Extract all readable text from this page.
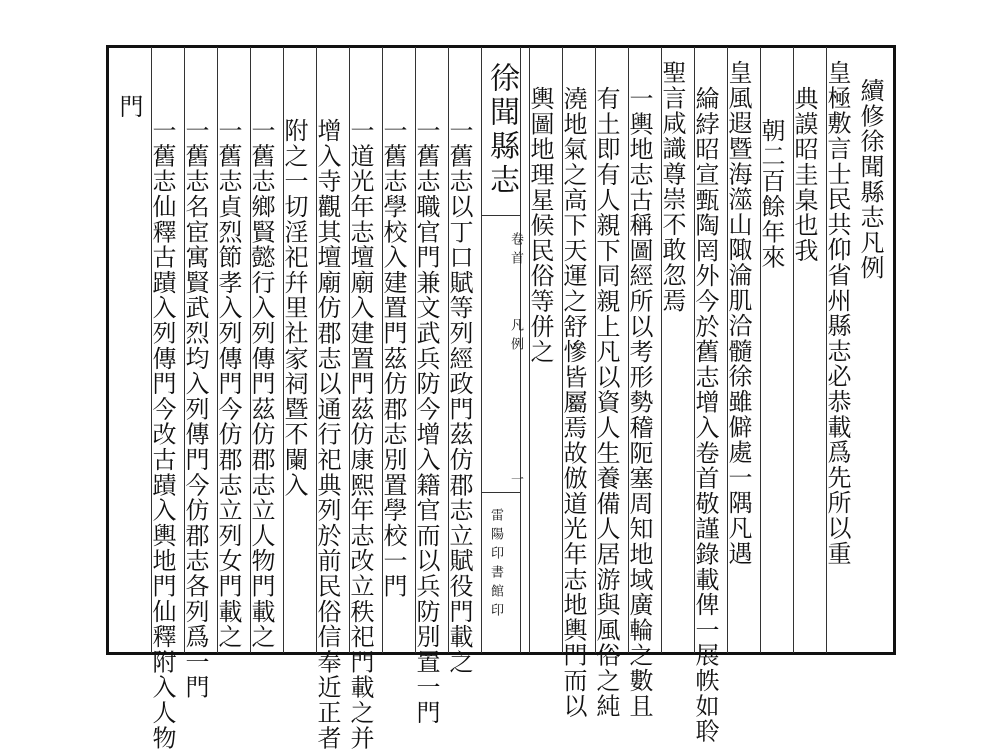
徐聞縣志
卷首
凡例
一
雷陽印書館印
續修徐聞縣志凡例
皇極敷言士民共仰省州縣志必恭載爲先所以重
典謨昭圭臬也我
朝二百餘年來
皇風遐暨海澨山陬淪肌洽髓徐雖僻處一隅凡遇
綸綍昭宣甄陶罔外今於舊志增入卷首敬謹錄載俾一展帙如聆
聖言咸識尊崇不敢忽焉
一輿地志古稱圖經所以考形勢稽阨塞周知地域廣輪之數且
有土即有人親下同親上凡以資人生養備人居游與風俗之純
澆地氣之高下天運之舒慘皆屬焉故倣道光年志地輿門而以
輿圖地理星候民俗等併之
一舊志以丁口賦等列經政門茲仿郡志立賦役門載之
一舊志職官門兼文武兵防今增入籍官而以兵防別置一門
一舊志學校入建置門茲仿郡志別置學校一門
一道光年志壇廟入建置門茲仿康熙年志改立秩祀門載之并
增入寺觀其壇廟仿郡志以通行祀典列於前民俗信奉近正者
附之一切淫祀幷里社家祠暨不闌入
一舊志鄉賢懿行入列傳門茲仿郡志立人物門載之
一舊志貞烈節孝入列傳門今仿郡志立列女門載之
一舊志名宦寓賢武烈均入列傳門今仿郡志各列爲一門
一舊志仙釋古蹟入列傳門今改古蹟入輿地門仙釋附入人物
門
